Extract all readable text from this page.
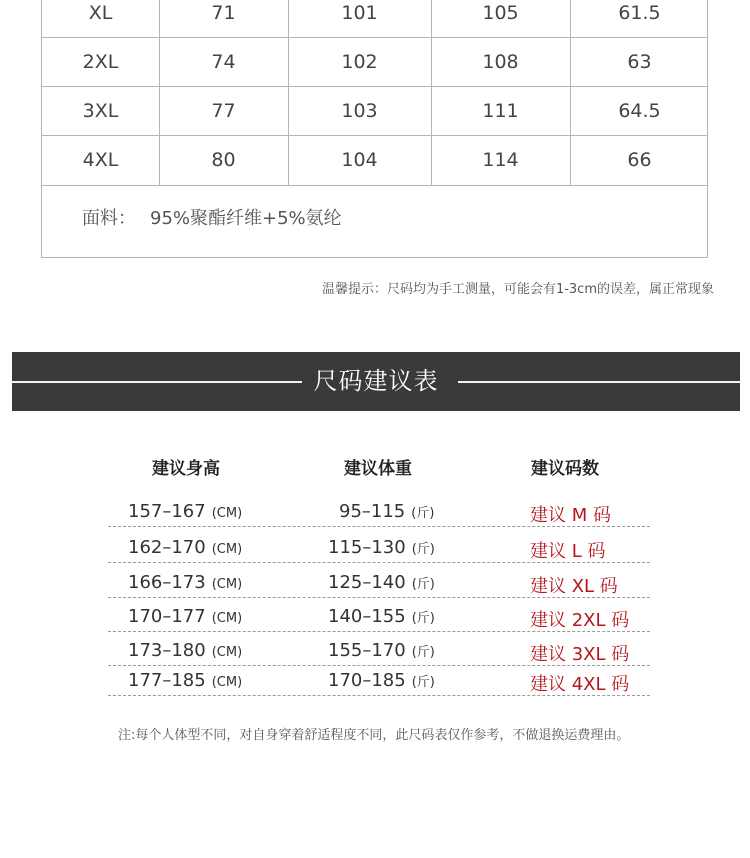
XL	71	101	105	61.5
2XL	74	102	108	63
3XL	77	103	111	64.5
4XL	80	104	114	66
面料： 95%聚酯纤维+5%氨纶
温馨提示：尺码均为手工测量，可能会有1-3cm的误差，属正常现象
尺码建议表
建议身高	建议体重	建议码数
157–167 (CM)	95–115 (斤)	建议 M 码
162–170 (CM)	115–130 (斤)	建议 L 码
166–173 (CM)	125–140 (斤)	建议 XL 码
170–177 (CM)	140–155 (斤)	建议 2XL 码
173–180 (CM)	155–170 (斤)	建议 3XL 码
177–185 (CM)	170–185 (斤)	建议 4XL 码
注:每个人体型不同，对自身穿着舒适程度不同，此尺码表仅作参考，不做退换运费理由。
